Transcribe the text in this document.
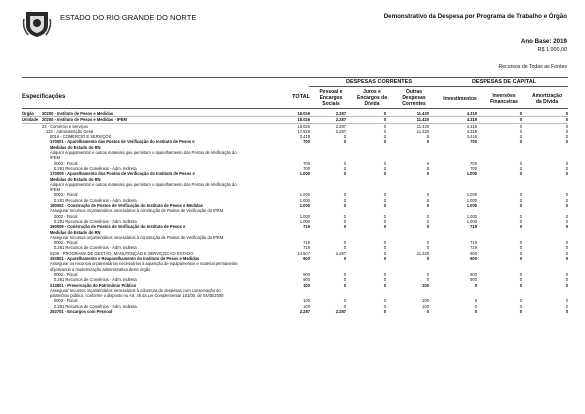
ESTADO DO RIO GRANDE DO NORTE	Demonstrativo da Despesa por Programa de Trabalho e Órgão
Ano Base: 2019
R$ 1.000,00
Recursos de Todas as Fontes
DESPESAS CORRENTES	DESPESAS DE CAPITAL
Especificações	TOTAL
Pessoal e
Encargos
Sociais
Juros e
Encargos da
Dívida
Outras
Despesas
Correntes
Investimentos	Inversões
Financeiras
Amortização
da Dívida
Órgão	20200 - Instituto de Pesos e Medidas	18.026	2.287	0	11.420	4.319	0	0
Unidade	20200 - Instituto de Pesos e Medidas - IPEM	18.026	2.287	0	11.420	4.319	0	0
	23 - Comércio e Serviços	18.026	2.287	0	11.420	4.319	0	0
	122 - Administração Geral	17.926	2.287	0	11.320	4.319	0	0
	0016 - COMÉRCIO E SERVIÇOS	3.419	0	0	0	3.419	0	0
	170001 - Aparelhamento das Postos de Verificação do Instituto de Pesos e	700	0	0	0	700	0	0
	Medidas do Estado do RN							
	Adquirir equipamentos e outros materiais que permitam o aparelhamento dos Postos de Verificação do							
	IPEM							
	0002 - Fiscal	700	0	0	0	700	0	0
	0.281 Recursos de Convênios - Adm. Indireta	700	0	0	0	700	0	0
	170009 - Aparelhamento dos Postos de Verificação do Instituto de Pesos e	1.000	0	0	0	1.000	0	0
	Medidas do Estado do RN							
	Adquirir equipamentos e outros materiais que permitam o aparelhamento dos Postos de Verificação do							
	IPEM							
	0002 - Fiscal	1.000	0	0	0	1.000	0	0
	0.281 Recursos de Convênios - Adm. Indireta	1.000	0	0	0	1.000	0	0
	190002 - Construção de Postos de Verificação do Instituto de Pesos e Medidas	1.000	0	0	0	1.000	0	0
	Assegurar recursos orçamentários necessários à construção de Postos de Verificação do IPEM							
	0002 - Fiscal	1.000	0	0	0	1.000	0	0
	0.281 Recursos de Convênios - Adm. Indireta	1.000	0	0	0	1.000	0	0
	190009 - Construção de Postos de Verificação do Instituto de Pesos e	719	0	0	0	719	0	0
	Medidas do Estado do RN							
	Assegurar recursos orçamentários necessários à construção de Postos de Verificação do IPEM							
	0002 - Fiscal	719	0	0	0	719	0	0
	0.281 Recursos de Convênios - Adm. Indireta	719	0	0	0	719	0	0
	0105 - PROGRAMA DE GESTÃO, MANUTENÇÃO E SERVIÇOS AO ESTADO	14.507	2.287	0	11.320	900	0	0
	193501 - Aparelhamento e Reaparelhamento do Instituto de Pesos e Medidas	900	0	0	0	900	0	0
	Assegurar os recursos orçamentários necessários à aquisição de equipamentos e material permanente,							
	objetivando a modernização administrativa deste órgão							
	0002 - Fiscal	900	0	0	0	900	0	0
	0.281 Recursos de Convênios - Adm. Indireta	900	0	0	0	900	0	0
	213601 - Preservação do Patrimônio Público	100	0	0	100	0	0	0
	Assegurar recursos orçamentários necessários à cobertura de despesas com conservação do							
	patrimônio público, conforme o disposto no Art. 45 da Lei Complementar 101/00, de 04/05/2000							
	0002 - Fiscal	100	0	0	100	0	0	0
	0.281 Recursos de Convênios - Adm. Indireta	100	0	0	100	0	0	0
	253701 - Encargos com Pessoal	2.287	2.287	0	0	0	0	0
